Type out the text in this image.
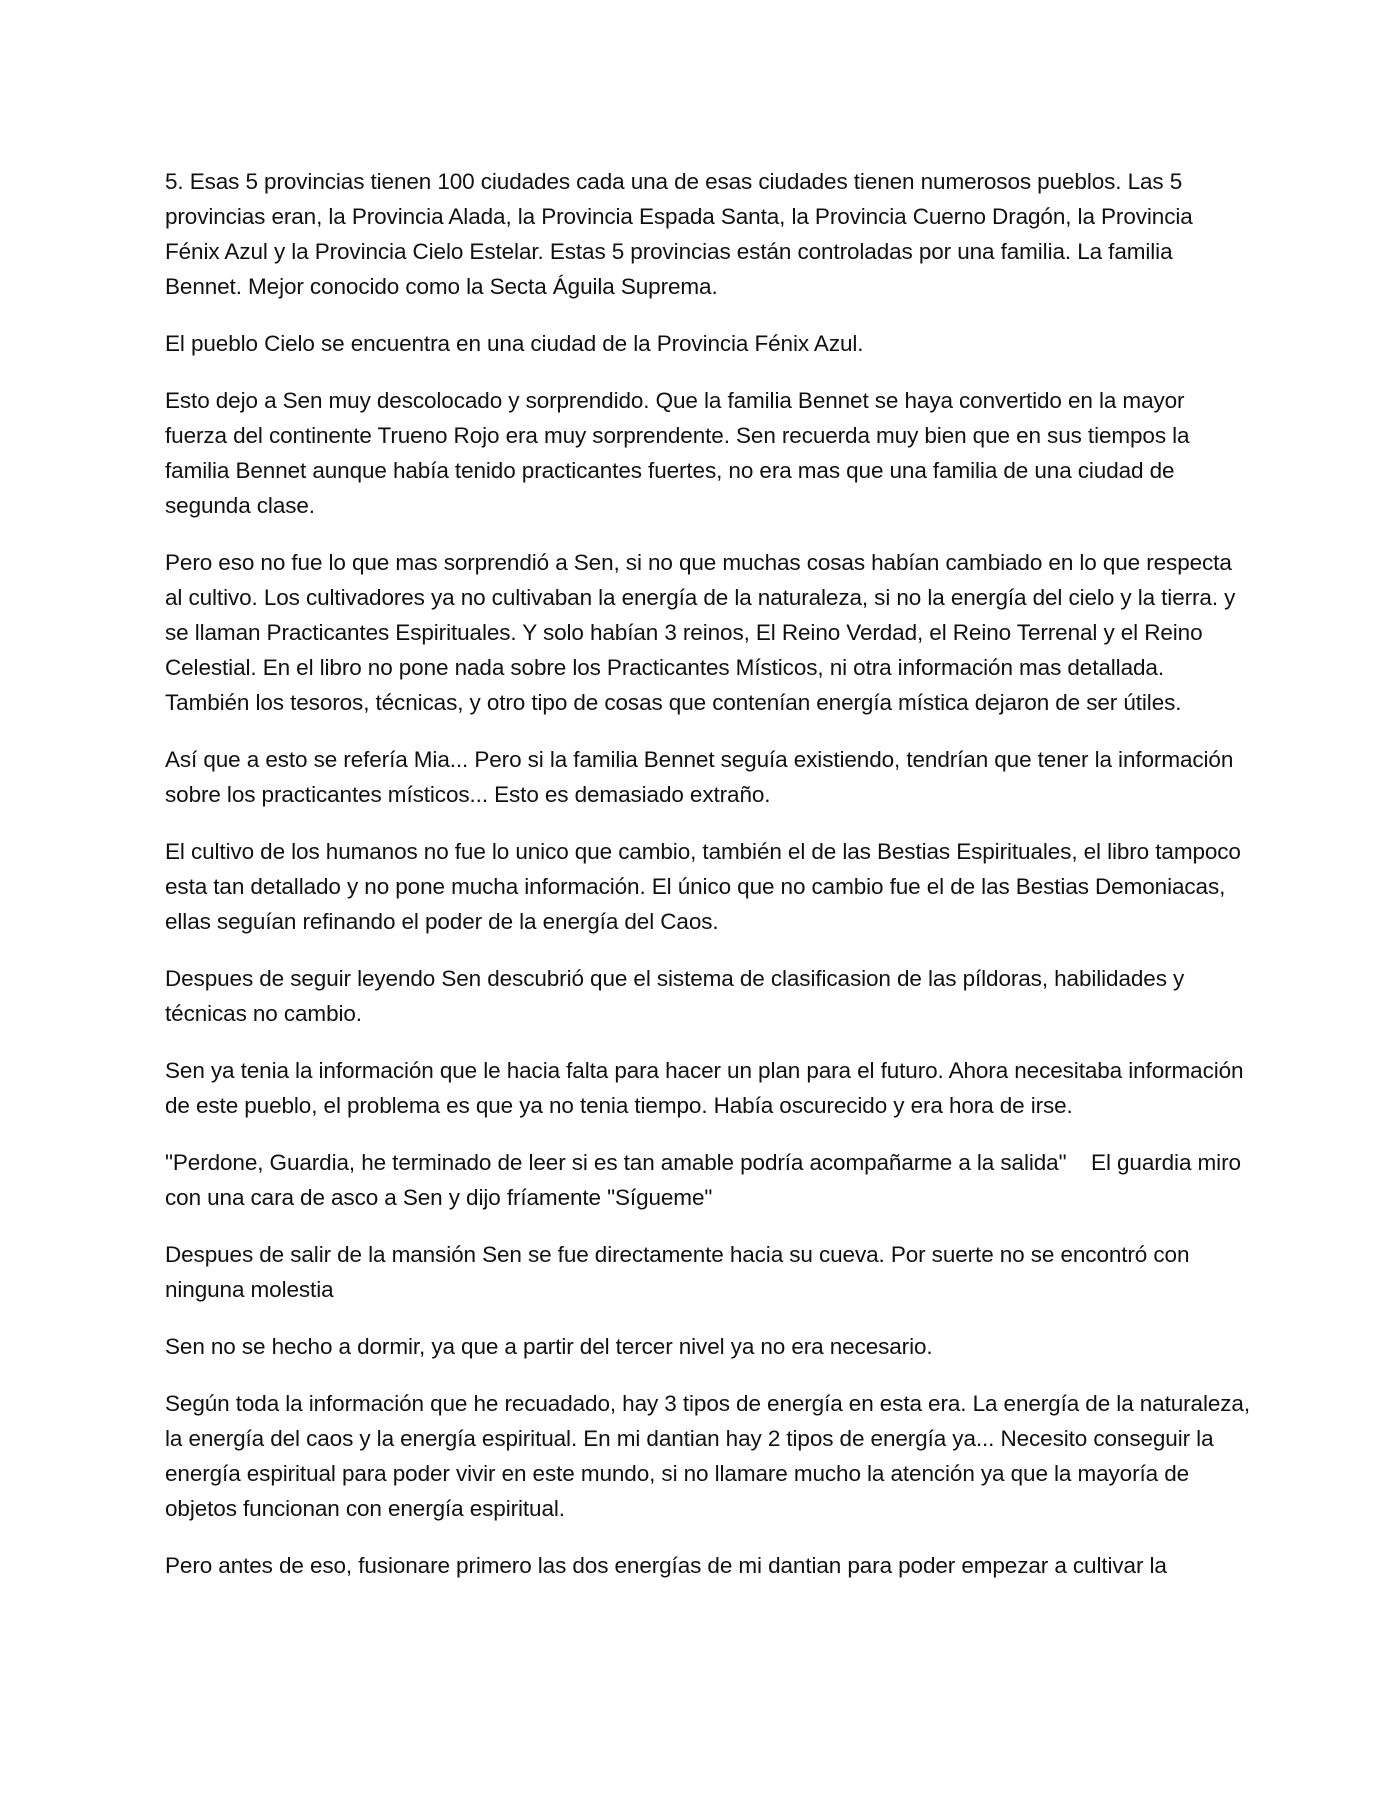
5. Esas 5 provincias tienen 100 ciudades cada una de esas ciudades tienen numerosos pueblos. Las 5 provincias eran, la Provincia Alada, la Provincia Espada Santa, la Provincia Cuerno Dragón, la Provincia Fénix Azul y la Provincia Cielo Estelar. Estas 5 provincias están controladas por una familia. La familia Bennet. Mejor conocido como la Secta Águila Suprema.

El pueblo Cielo se encuentra en una ciudad de la Provincia Fénix Azul.

Esto dejo a Sen muy descolocado y sorprendido. Que la familia Bennet se haya convertido en la mayor fuerza del continente Trueno Rojo era muy sorprendente. Sen recuerda muy bien que en sus tiempos la familia Bennet aunque había tenido practicantes fuertes, no era mas que una familia de una ciudad de segunda clase.

Pero eso no fue lo que mas sorprendió a Sen, si no que muchas cosas habían cambiado en lo que respecta al cultivo. Los cultivadores ya no cultivaban la energía de la naturaleza, si no la energía del cielo y la tierra. y se llaman Practicantes Espirituales. Y solo habían 3 reinos, El Reino Verdad, el Reino Terrenal y el Reino Celestial. En el libro no pone nada sobre los Practicantes Místicos, ni otra información mas detallada. También los tesoros, técnicas, y otro tipo de cosas que contenían energía mística dejaron de ser útiles.

Así que a esto se refería Mia... Pero si la familia Bennet seguía existiendo, tendrían que tener la información sobre los practicantes místicos... Esto es demasiado extraño.

El cultivo de los humanos no fue lo unico que cambio, también el de las Bestias Espirituales, el libro tampoco esta tan detallado y no pone mucha información. El único que no cambio fue el de las Bestias Demoniacas, ellas seguían refinando el poder de la energía del Caos.

Despues de seguir leyendo Sen descubrió que el sistema de clasificasion de las píldoras, habilidades y técnicas no cambio.

Sen ya tenia la información que le hacia falta para hacer un plan para el futuro. Ahora necesitaba información de este pueblo, el problema es que ya no tenia tiempo. Había oscurecido y era hora de irse.

"Perdone, Guardia, he terminado de leer si es tan amable podría acompañarme a la salida"    El guardia miro con una cara de asco a Sen y dijo fríamente "Sígueme"

Despues de salir de la mansión Sen se fue directamente hacia su cueva. Por suerte no se encontró con ninguna molestia

Sen no se hecho a dormir, ya que a partir del tercer nivel ya no era necesario.

Según toda la información que he recuadado, hay 3 tipos de energía en esta era. La energía de la naturaleza, la energía del caos y la energía espiritual. En mi dantian hay 2 tipos de energía ya... Necesito conseguir la energía espiritual para poder vivir en este mundo, si no llamare mucho la atención ya que la mayoría de objetos funcionan con energía espiritual.

Pero antes de eso, fusionare primero las dos energías de mi dantian para poder empezar a cultivar la
